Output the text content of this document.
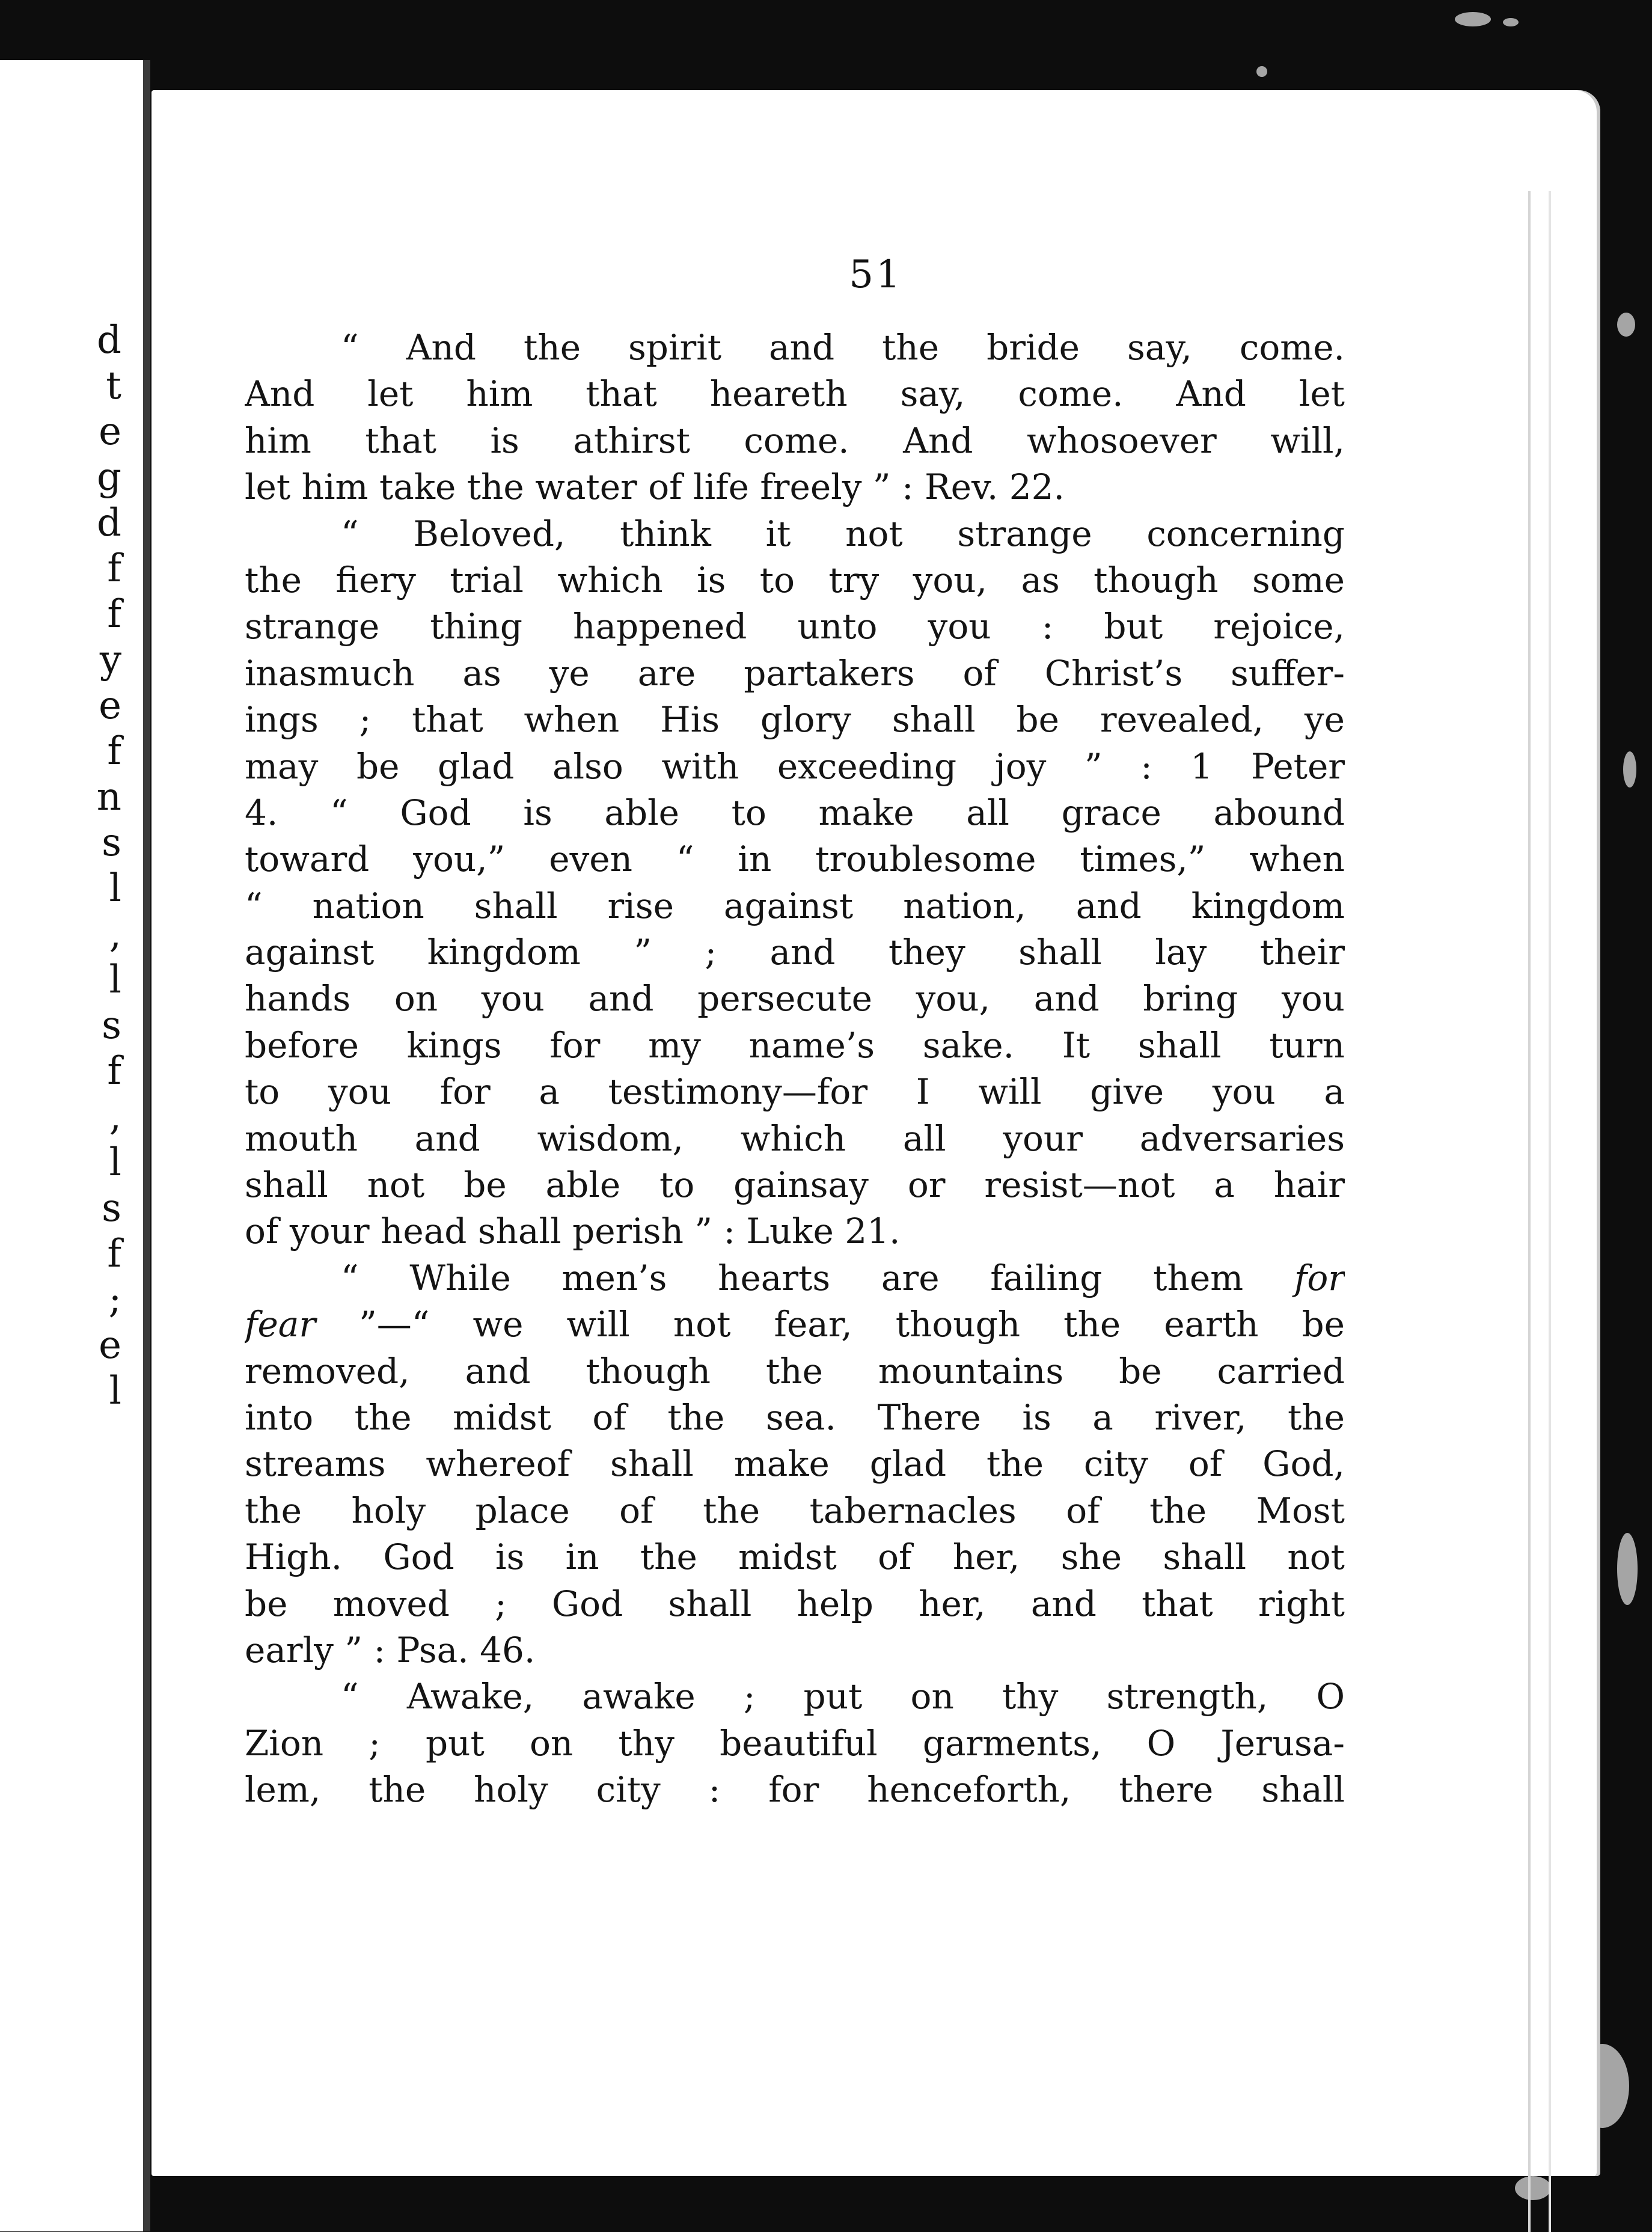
d
t
e
g
d
f
f
y
e
f
n
s
l
,
l
s
f
,
l
s
f
;
e
l
51
“ And the spirit and the bride say, come.
And let him that heareth say, come. And let
him that is athirst come. And whosoever will,
let him take the water of life freely ” : Rev. 22.
“ Beloved, think it not strange concerning
the fiery trial which is to try you, as though some
strange thing happened unto you : but rejoice,
inasmuch as ye are partakers of Christ’s suffer-
ings ; that when His glory shall be revealed, ye
may be glad also with exceeding joy ” : 1 Peter
4. “ God is able to make all grace abound
toward you,” even “ in troublesome times,” when
“ nation shall rise against nation, and kingdom
against kingdom ” ; and they shall lay their
hands on you and persecute you, and bring you
before kings for my name’s sake. It shall turn
to you for a testimony—for I will give you a
mouth and wisdom, which all your adversaries
shall not be able to gainsay or resist—not a hair
of your head shall perish ” : Luke 21.
“ While men’s hearts are failing them for
fear ”—“ we will not fear, though the earth be
removed, and though the mountains be carried
into the midst of the sea. There is a river, the
streams whereof shall make glad the city of God,
the holy place of the tabernacles of the Most
High. God is in the midst of her, she shall not
be moved ; God shall help her, and that right
early ” : Psa. 46.
“ Awake, awake ; put on thy strength, O
Zion ; put on thy beautiful garments, O Jerusa-
lem, the holy city : for henceforth, there shall
